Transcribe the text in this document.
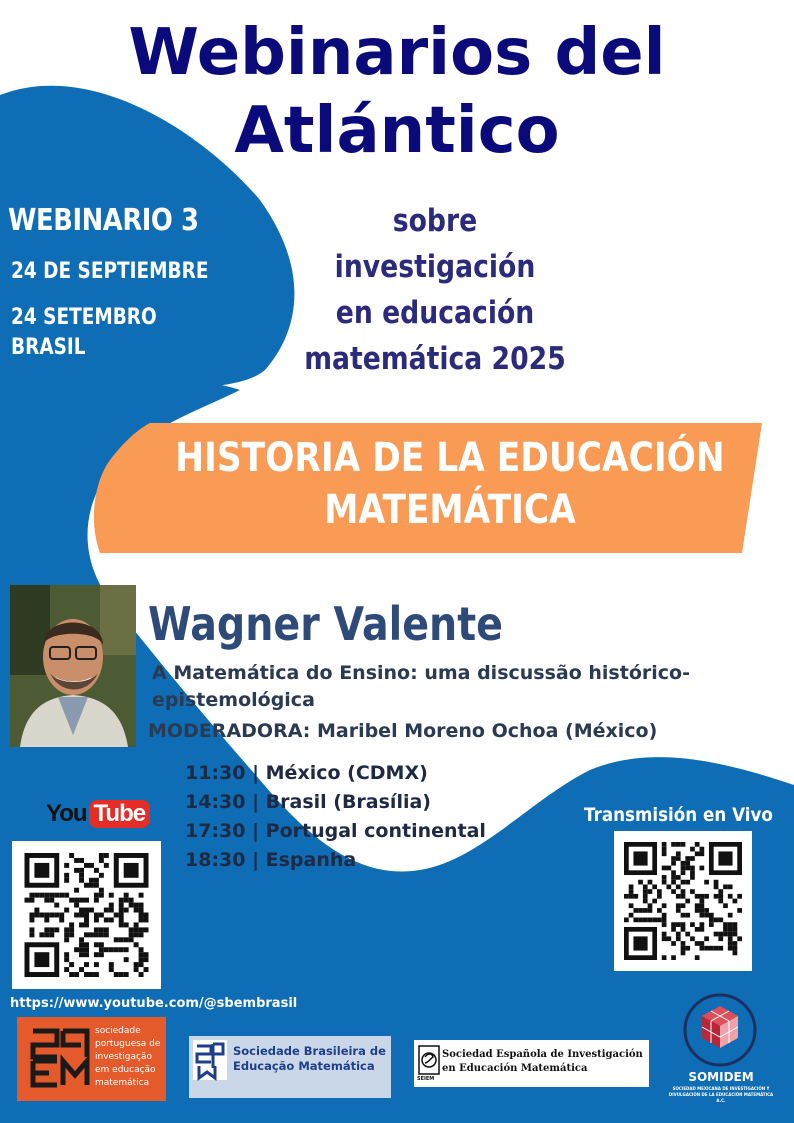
Webinarios del
Atlántico
WEBINARIO 3
24 DE SEPTIEMBRE
24 SETEMBRO
BRASIL
sobre investigación
en educación
matemática 2025
HISTORIA DE LA EDUCACIÓN
MATEMÁTICA
Wagner Valente
A Matemática do Ensino: uma discussão histórico-epistemológica
MODERADORA: Maribel Moreno Ochoa (México)
11:30 | México (CDMX)
14:30 | Brasil (Brasília)
17:30 | Portugal continental
18:30 | Espanha
You Tube	Transmisión en Vivo
https://www.youtube.com/@sbembrasil
sociedade portuguesa de investigação em educação matemática
Sociedade Brasileira de
Educação Matemática
Sociedad Española de Investigación
en Educación Matemática
SEIEM	SOMIDEM
SOCIEDAD MEXICANA DE INVESTIGACIÓN Y DIVULGACIÓN DE LA EDUCACIÓN MATEMÁTICA A.C.
